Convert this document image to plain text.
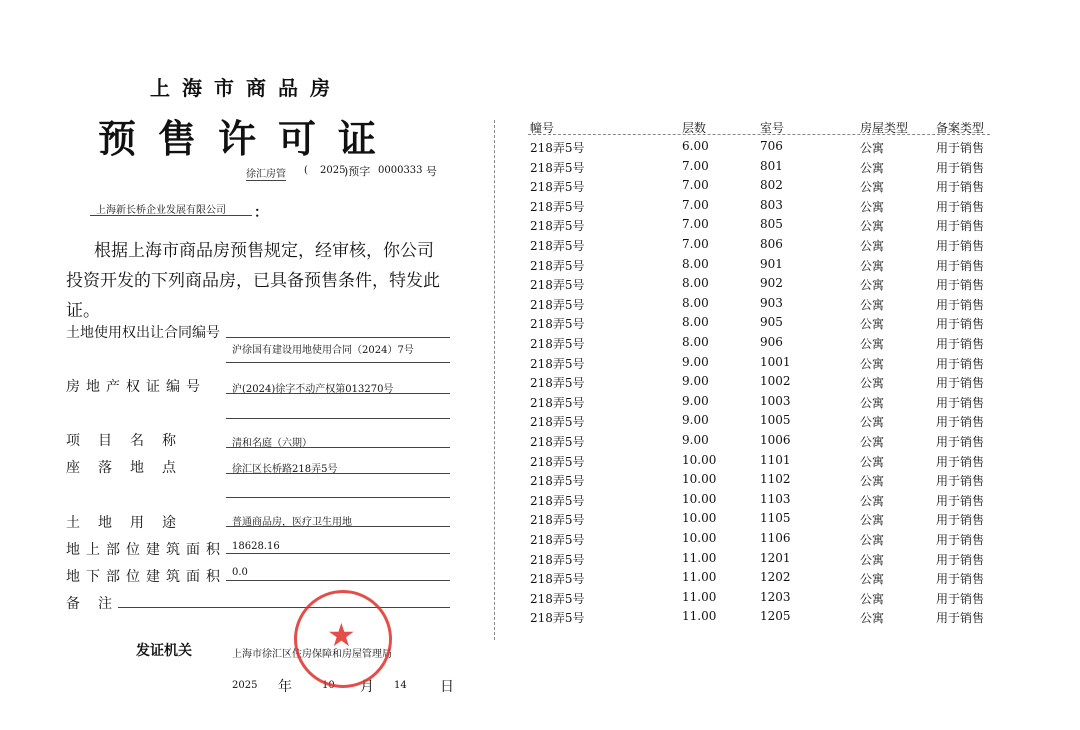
上海市商品房
预售许可证
徐汇房管 ( 2025
)预字 0000333 号
上海新长桥企业发展有限公司 ：
根据上海市商品房预售规定，经审核，你公司投资开发的下列商品房，已具备预售条件，特发此证。
土地使用权出让合同编号
沪徐国有建设用地使用合同（2024）7号
房地产权证编号	沪(2024)徐字不动产权第013270号
项目名称	清和名庭（六期）
座落地点	徐汇区长桥路218弄5号
土地用途	普通商品房，医疗卫生用地
地上部位建筑面积 18628.16
地下部位建筑面积 0.0
备注
发证机关	上海市徐汇区住房保障和房屋管理局
2025 年	10 月 14 日
★
幢号	层数	室号	房屋类型 备案类型
218弄5号	6.00	706	公寓	用于销售
218弄5号	7.00	801	公寓	用于销售
218弄5号	7.00	802	公寓	用于销售
218弄5号	7.00	803	公寓	用于销售
218弄5号	7.00	805	公寓	用于销售
218弄5号	7.00	806	公寓	用于销售
218弄5号	8.00	901	公寓	用于销售
218弄5号	8.00	902	公寓	用于销售
218弄5号	8.00	903	公寓	用于销售
218弄5号	8.00	905	公寓	用于销售
218弄5号	8.00	906	公寓	用于销售
218弄5号	9.00	1001	公寓	用于销售
218弄5号	9.00	1002	公寓	用于销售
218弄5号	9.00	1003	公寓	用于销售
218弄5号	9.00	1005	公寓	用于销售
218弄5号	9.00	1006	公寓	用于销售
218弄5号	10.00	1101	公寓	用于销售
218弄5号	10.00	1102	公寓	用于销售
218弄5号	10.00	1103	公寓	用于销售
218弄5号	10.00	1105	公寓	用于销售
218弄5号	10.00	1106	公寓	用于销售
218弄5号	11.00	1201	公寓	用于销售
218弄5号	11.00	1202	公寓	用于销售
218弄5号	11.00	1203	公寓	用于销售
218弄5号	11.00	1205	公寓	用于销售
